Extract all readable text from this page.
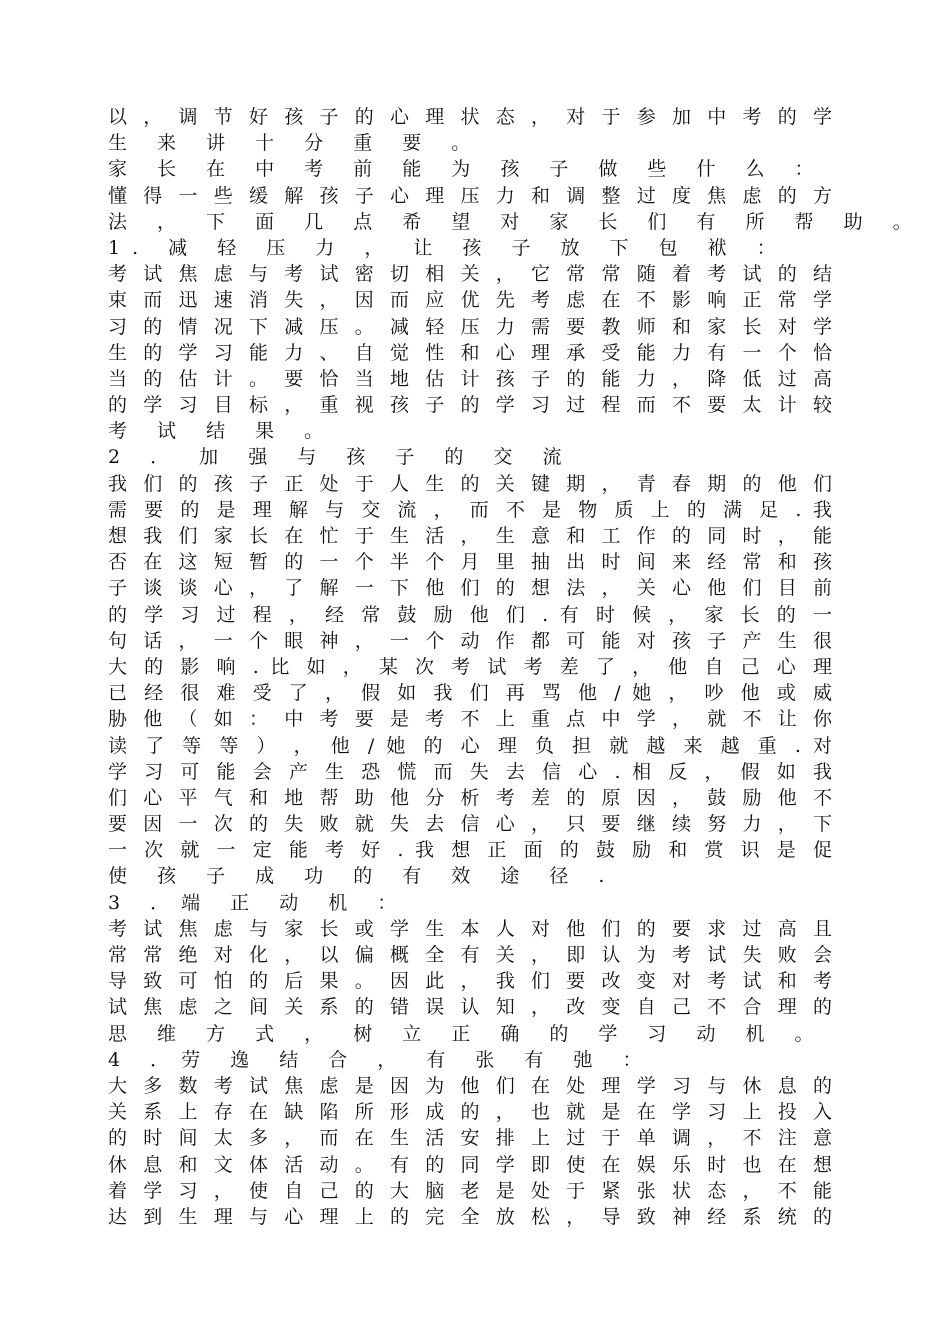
以 ， 调 节 好 孩 子 的 心 理 状 态 ， 对 于 参 加 中 考 的 学
生 来 讲 十 分 重 要 。
家 长 在 中 考 前 能 为 孩 子 做 些 什 么 ：
懂 得 一 些 缓 解 孩 子 心 理 压 力 和 调 整 过 度 焦 虑 的 方
法 ， 下 面 几 点 希 望 对 家 长 们 有 所 帮 助 。
1. 减 轻 压 力 ， 让 孩 子 放 下 包 袱 ：
考 试 焦 虑 与 考 试 密 切 相 关 ， 它 常 常 随 着 考 试 的 结
束 而 迅 速 消 失 ， 因 而 应 优 先 考 虑 在 不 影 响 正 常 学
习 的 情 况 下 减 压 。 减 轻 压 力 需 要 教 师 和 家 长 对 学
生 的 学 习 能 力 、 自 觉 性 和 心 理 承 受 能 力 有 一 个 恰
当 的 估 计 。 要 恰 当 地 估 计 孩 子 的 能 力 ， 降 低 过 高
的 学 习 目 标 ， 重 视 孩 子 的 学 习 过 程 而 不 要 太 计 较
考 试 结 果 。
2 ． 加 强 与 孩 子 的 交 流
我 们 的 孩 子 正 处 于 人 生 的 关 键 期 ， 青 春 期 的 他 们
需 要 的 是 理 解 与 交 流 ， 而 不 是 物 质 上 的 满 足 . 我
想 我 们 家 长 在 忙 于 生 活 ， 生 意 和 工 作 的 同 时 ， 能
否 在 这 短 暂 的 一 个 半 个 月 里 抽 出 时 间 来 经 常 和 孩
子 谈 谈 心 ， 了 解 一 下 他 们 的 想 法 ， 关 心 他 们 目 前
的 学 习 过 程 ， 经 常 鼓 励 他 们 . 有 时 候 ， 家 长 的 一
句 话 ， 一 个 眼 神 ， 一 个 动 作 都 可 能 对 孩 子 产 生 很
大 的 影 响 . 比 如 ， 某 次 考 试 考 差 了 ， 他 自 己 心 理
已 经 很 难 受 了 ， 假 如 我 们 再 骂 他 / 她 ， 吵 他 或 威
胁 他 （ 如 ： 中 考 要 是 考 不 上 重 点 中 学 ， 就 不 让 你
读 了 等 等 ） ， 他 / 她 的 心 理 负 担 就 越 来 越 重 . 对
学 习 可 能 会 产 生 恐 慌 而 失 去 信 心 . 相 反 ， 假 如 我
们 心 平 气 和 地 帮 助 他 分 析 考 差 的 原 因 ， 鼓 励 他 不
要 因 一 次 的 失 败 就 失 去 信 心 ， 只 要 继 续 努 力 ， 下
一 次 就 一 定 能 考 好 . 我 想 正 面 的 鼓 励 和 赏 识 是 促
使 孩 子 成 功 的 有 效 途 径 .
3 ．端 正 动 机 ：
考 试 焦 虑 与 家 长 或 学 生 本 人 对 他 们 的 要 求 过 高 且
常 常 绝 对 化 ， 以 偏 概 全 有 关 ， 即 认 为 考 试 失 败 会
导 致 可 怕 的 后 果 。 因 此 ， 我 们 要 改 变 对 考 试 和 考
试 焦 虑 之 间 关 系 的 错 误 认 知 ， 改 变 自 己 不 合 理 的
思 维 方 式 ， 树 立 正 确 的 学 习 动 机 。
4 ．劳 逸 结 合 ， 有 张 有 弛 ：
大 多 数 考 试 焦 虑 是 因 为 他 们 在 处 理 学 习 与 休 息 的
关 系 上 存 在 缺 陷 所 形 成 的 ， 也 就 是 在 学 习 上 投 入
的 时 间 太 多 ， 而 在 生 活 安 排 上 过 于 单 调 ， 不 注 意
休 息 和 文 体 活 动 。 有 的 同 学 即 使 在 娱 乐 时 也 在 想
着 学 习 ， 使 自 己 的 大 脑 老 是 处 于 紧 张 状 态 ， 不 能
达 到 生 理 与 心 理 上 的 完 全 放 松 ， 导 致 神 经 系 统 的
